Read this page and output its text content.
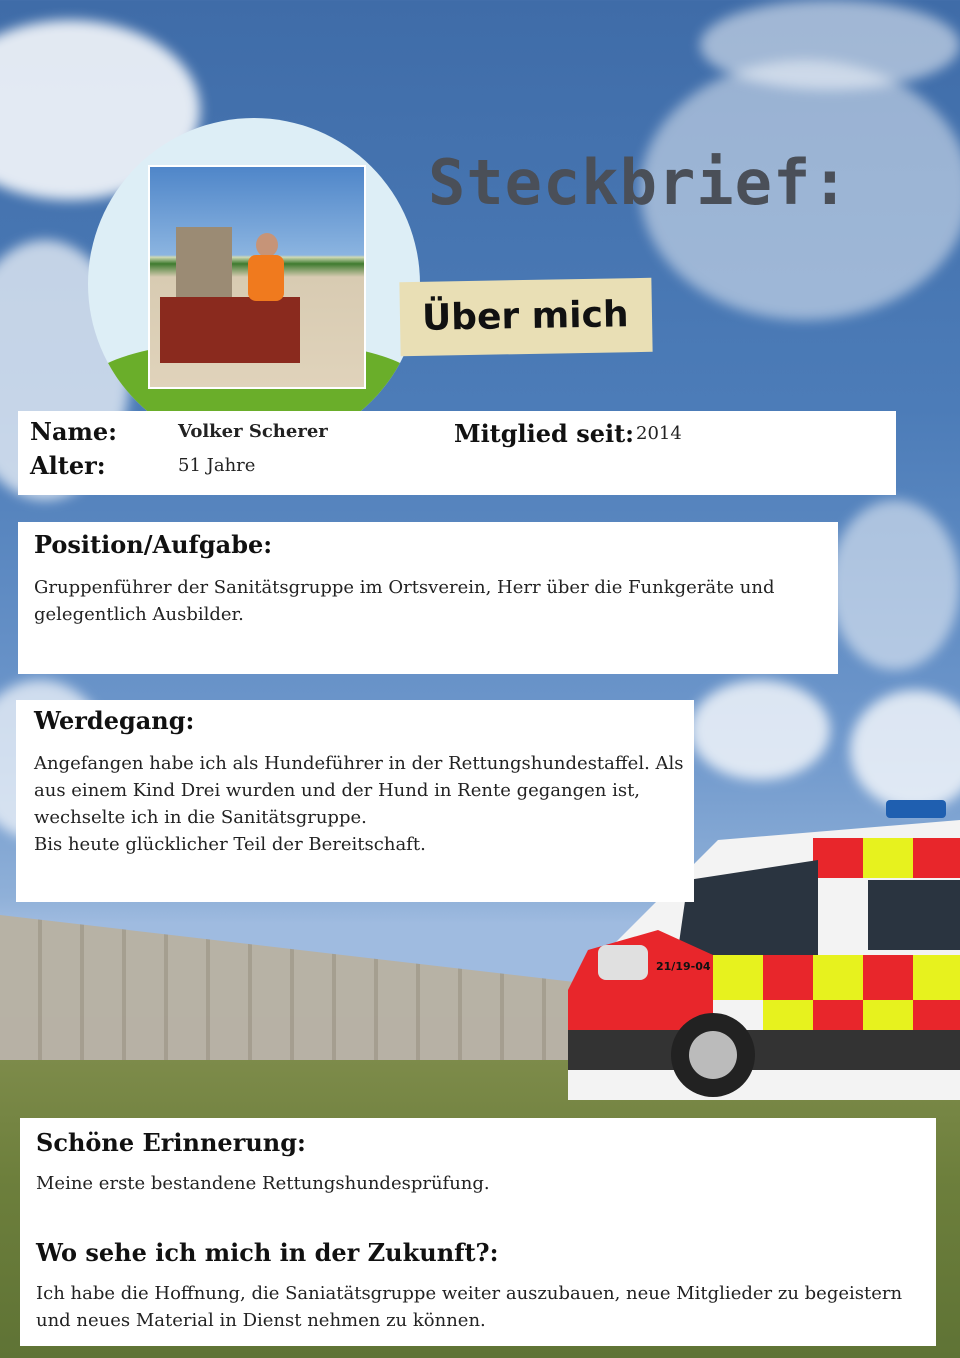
21/19-04
Steckbrief:
Über mich
Name:
Alter:
Volker Scherer
51 Jahre
Mitglied seit: 2014
Position/Aufgabe:

Gruppenführer der Sanitätsgruppe im Ortsverein, Herr über die Funkgeräte und gelegentlich Ausbilder.

Werdegang:

Angefangen habe ich als Hundeführer in der Rettungshundestaffel. Als aus einem Kind Drei wurden und der Hund in Rente gegangen ist, wechselte ich in die Sanitätsgruppe.

Bis heute glücklicher Teil der Bereitschaft.

Schöne Erinnerung:

Meine erste bestandene Rettungshundesprüfung.

Wo sehe ich mich in der Zukunft?:

Ich habe die Hoffnung, die Saniatätsgruppe weiter auszubauen, neue Mitglieder zu begeistern und neues Material in Dienst nehmen zu können.
